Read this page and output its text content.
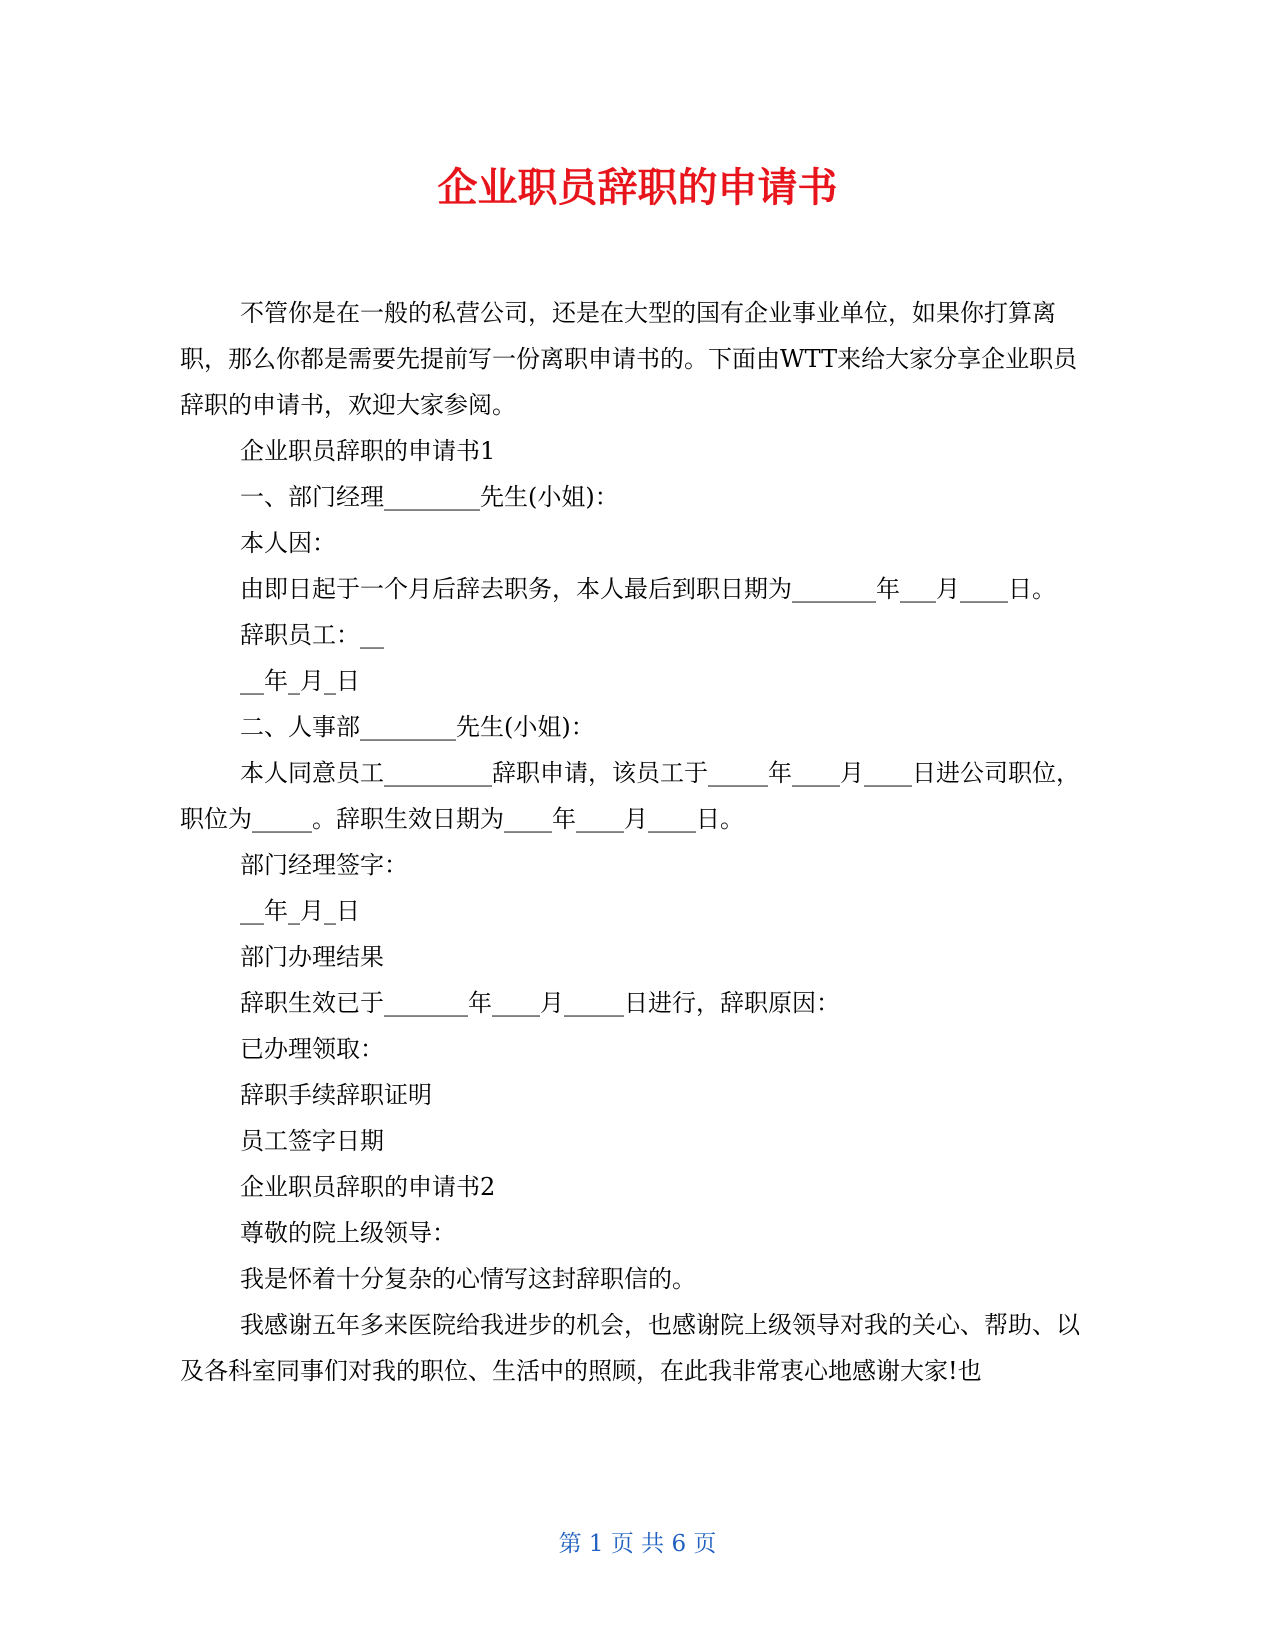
企业职员辞职的申请书

不管你是在一般的私营公司，还是在大型的国有企业事业单位，如果你打算离职，那么你都是需要先提前写一份离职申请书的。下面由WTT来给大家分享企业职员辞职的申请书，欢迎大家参阅。

企业职员辞职的申请书1

一、部门经理________先生(小姐)：

本人因：

由即日起于一个月后辞去职务，本人最后到职日期为_______年___月____日。

辞职员工：__

__年_月_日

二、人事部________先生(小姐)：

本人同意员工_________辞职申请，该员工于_____年____月____日进公司职位，职位为_____。辞职生效日期为____年____月____日。

部门经理签字：

__年_月_日

部门办理结果

辞职生效已于_______年____月_____日进行，辞职原因：

已办理领取：

辞职手续辞职证明

员工签字日期

企业职员辞职的申请书2

尊敬的院上级领导：

我是怀着十分复杂的心情写这封辞职信的。

我感谢五年多来医院给我进步的机会，也感谢院上级领导对我的关心、帮助、以及各科室同事们对我的职位、生活中的照顾，在此我非常衷心地感谢大家!也

第 1 页 共 6 页
